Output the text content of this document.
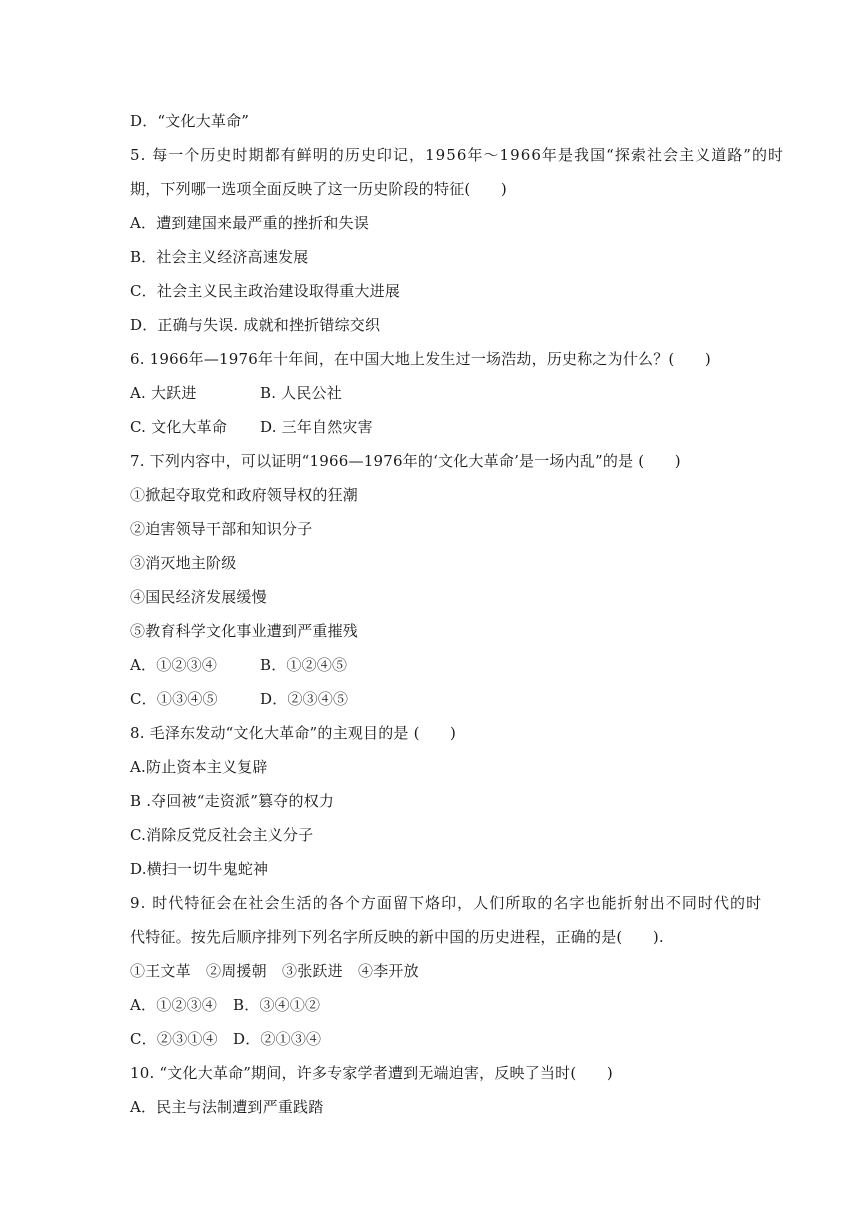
D．“文化大革命”
5. 每一个历史时期都有鲜明的历史印记，1956年～1966年是我国“探索社会主义道路”的时
期，下列哪一选项全面反映了这一历史阶段的特征(　　)
A．遭到建国来最严重的挫折和失误
B．社会主义经济高速发展
C．社会主义民主政治建设取得重大进展
D．正确与失误. 成就和挫折错综交织
6. 1966年—1976年十年间，在中国大地上发生过一场浩劫，历史称之为什么？(　　)
A. 大跃进	B. 人民公社
C. 文化大革命	D. 三年自然灾害
7. 下列内容中，可以证明“1966—1976年的‘文化大革命’是一场内乱”的是 (　　)
①掀起夺取党和政府领导权的狂潮
②迫害领导干部和知识分子
③消灭地主阶级
④国民经济发展缓慢
⑤教育科学文化事业遭到严重摧残
A．①②③④	B．①②④⑤
C．①③④⑤	D．②③④⑤
8. 毛泽东发动“文化大革命”的主观目的是 (　　)
A.防止资本主义复辟
B .夺回被“走资派”篡夺的权力
C.消除反党反社会主义分子
D.横扫一切牛鬼蛇神
9. 时代特征会在社会生活的各个方面留下烙印，人们所取的名字也能折射出不同时代的时
代特征。按先后顺序排列下列名字所反映的新中国的历史进程，正确的是(　　).
①王文革　②周援朝　③张跃进　④李开放
A．①②③④	B．③④①②
C．②③①④	D．②①③④
10. “文化大革命”期间，许多专家学者遭到无端迫害，反映了当时(　　)
A．民主与法制遭到严重践踏
